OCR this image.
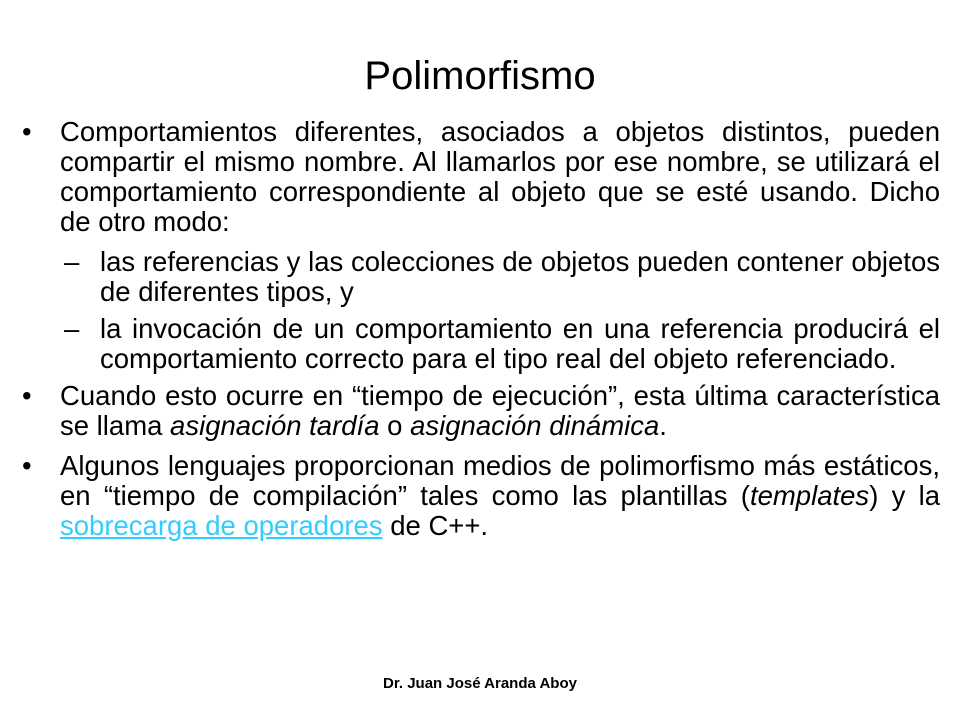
Polimorfismo
• Comportamientos diferentes, asociados a objetos distintos, pueden compartir el mismo nombre. Al llamarlos por ese nombre, se utilizará el comportamiento correspondiente al objeto que se esté usando. Dicho de otro modo:
– las referencias y las colecciones de objetos pueden contener objetos de diferentes tipos, y
– la invocación de un comportamiento en una referencia producirá el comportamiento correcto para el tipo real del objeto referenciado.
• Cuando esto ocurre en “tiempo de ejecución”, esta última característica se llama asignación tardía o asignación dinámica.
• Algunos lenguajes proporcionan medios de polimorfismo más estáticos, en “tiempo de compilación” tales como las plantillas (templates) y la sobrecarga de operadores de C++.
Dr. Juan José Aranda Aboy
